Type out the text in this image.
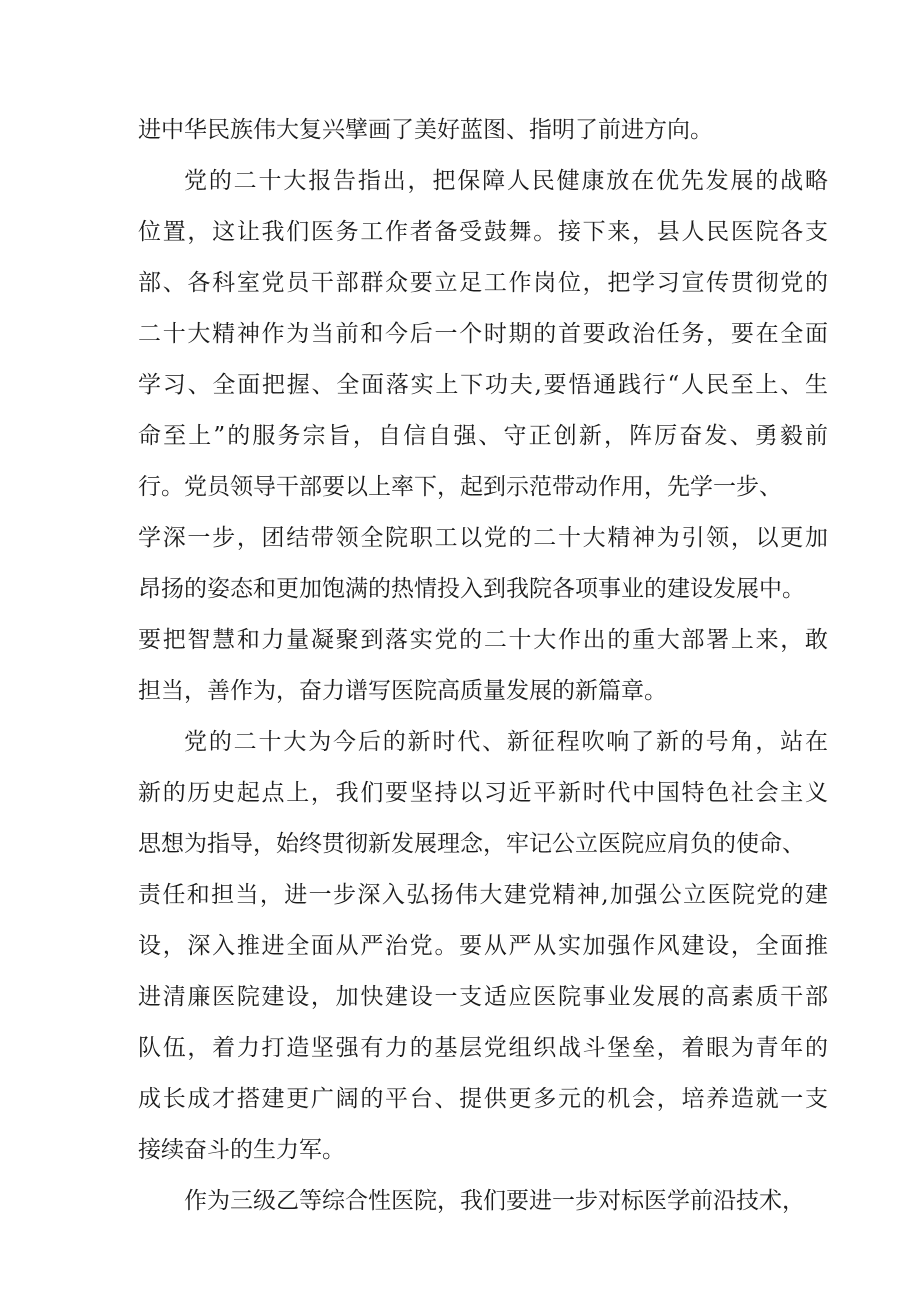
进中华民族伟大复兴擘画了美好蓝图、指明了前进方向。
党的二十大报告指出，把保障人民健康放在优先发展的战略
位置，这让我们医务工作者备受鼓舞。接下来，县人民医院各支
部、各科室党员干部群众要立足工作岗位，把学习宣传贯彻党的
二十大精神作为当前和今后一个时期的首要政治任务，要在全面
学习、全面把握、全面落实上下功夫,要悟通践行“人民至上、生
命至上”的服务宗旨，自信自强、守正创新，阵厉奋发、勇毅前
行。党员领导干部要以上率下，起到示范带动作用，先学一步、
学深一步，团结带领全院职工以党的二十大精神为引领，以更加
昂扬的姿态和更加饱满的热情投入到我院各项事业的建设发展中。
要把智慧和力量凝聚到落实党的二十大作出的重大部署上来，敢
担当，善作为，奋力谱写医院高质量发展的新篇章。
党的二十大为今后的新时代、新征程吹响了新的号角，站在
新的历史起点上，我们要坚持以习近平新时代中国特色社会主义
思想为指导，始终贯彻新发展理念，牢记公立医院应肩负的使命、
责任和担当，进一步深入弘扬伟大建党精神,加强公立医院党的建
设，深入推进全面从严治党。要从严从实加强作风建设，全面推
进清廉医院建设，加快建设一支适应医院事业发展的高素质干部
队伍，着力打造坚强有力的基层党组织战斗堡垒，着眼为青年的
成长成才搭建更广阔的平台、提供更多元的机会，培养造就一支
接续奋斗的生力军。
作为三级乙等综合性医院，我们要进一步对标医学前沿技术，
